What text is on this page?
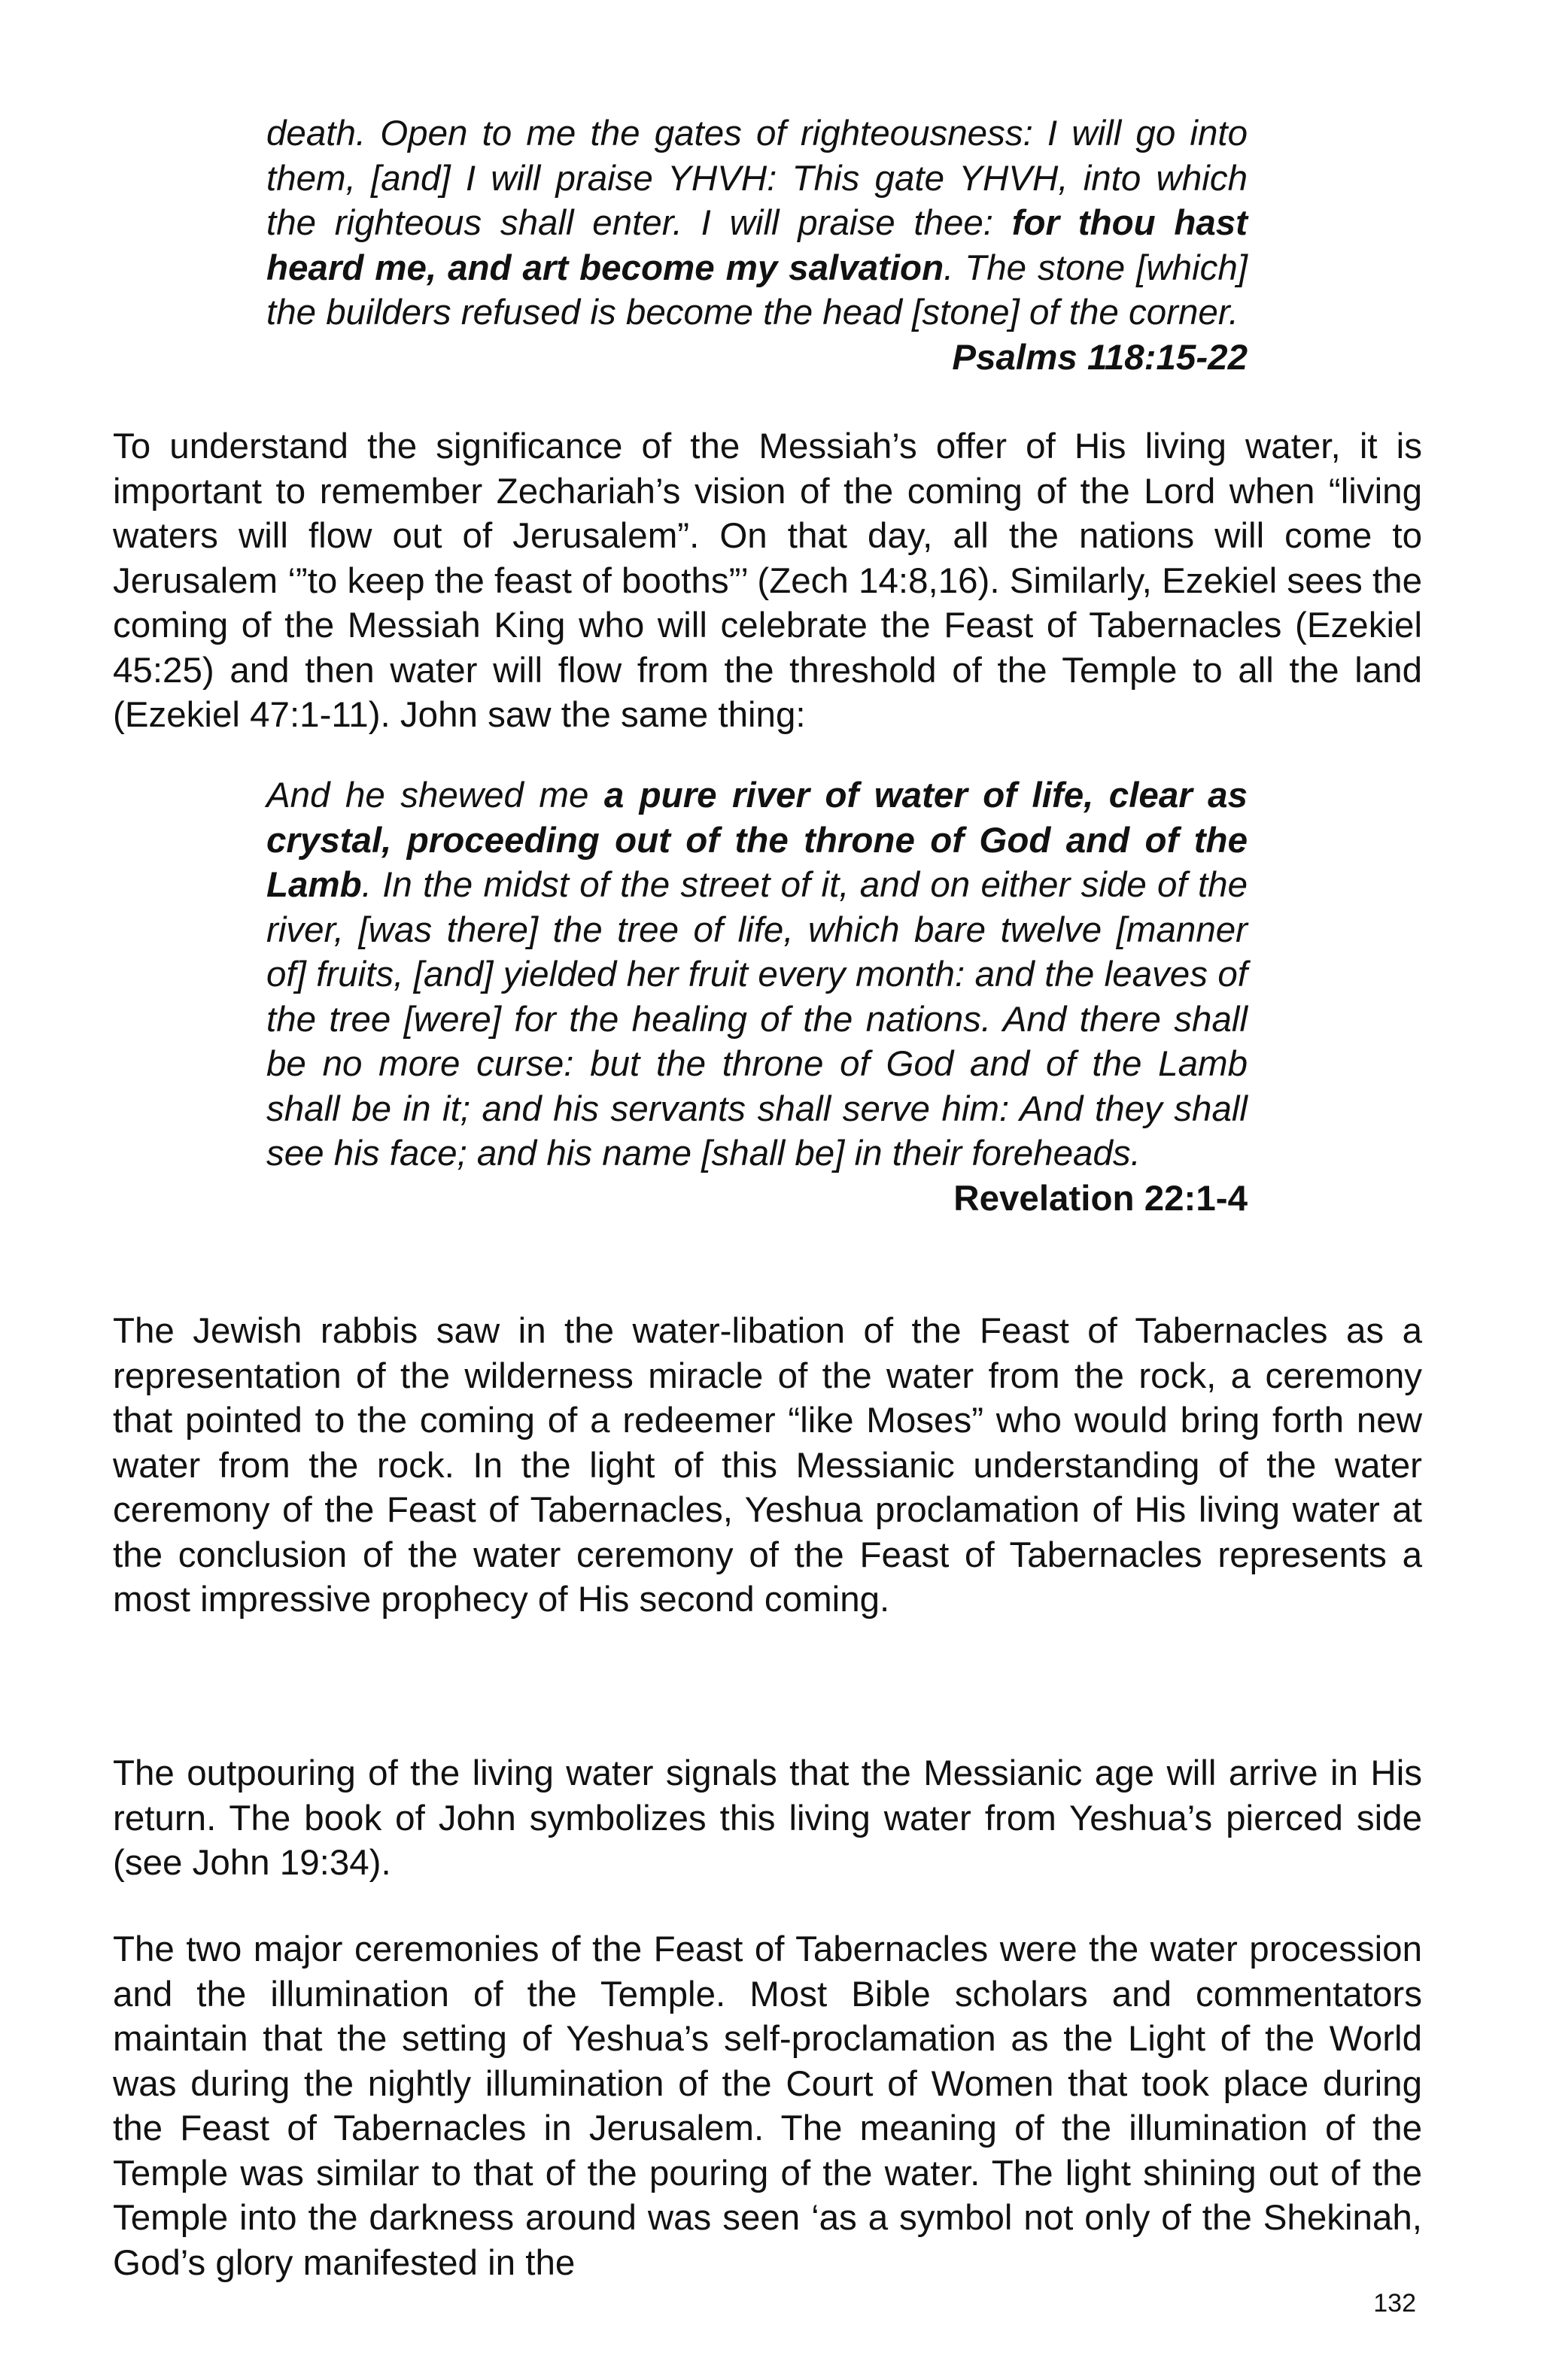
death. Open to me the gates of righteousness: I will go into them, [and] I will praise YHVH: This gate YHVH, into which the righteous shall enter. I will praise thee: for thou hast heard me, and art become my salvation. The stone [which] the builders refused is become the head [stone] of the corner.
Psalms 118:15-22

To understand the significance of the Messiah’s offer of His living water, it is important to remember Zechariah’s vision of the coming of the Lord when “living waters will flow out of Jerusalem”. On that day, all the nations will come to Jerusalem ‘”to keep the feast of booths”’ (Zech 14:8,16). Similarly, Ezekiel sees the coming of the Messiah King who will celebrate the Feast of Tabernacles (Ezekiel 45:25) and then water will flow from the threshold of the Temple to all the land (Ezekiel 47:1-11). John saw the same thing:

And he shewed me a pure river of water of life, clear as crystal, proceeding out of the throne of God and of the Lamb. In the midst of the street of it, and on either side of the river, [was there] the tree of life, which bare twelve [manner of] fruits, [and] yielded her fruit every month: and the leaves of the tree [were] for the healing of the nations. And there shall be no more curse: but the throne of God and of the Lamb shall be in it; and his servants shall serve him: And they shall see his face; and his name [shall be] in their foreheads.
Revelation 22:1-4

The Jewish rabbis saw in the water-libation of the Feast of Tabernacles as a representation of the wilderness miracle of the water from the rock, a ceremony that pointed to the coming of a redeemer “like Moses” who would bring forth new water from the rock. In the light of this Messianic understanding of the water ceremony of the Feast of Tabernacles, Yeshua proclamation of His living water at the conclusion of the water ceremony of the Feast of Tabernacles represents a most impressive prophecy of His second coming.

The outpouring of the living water signals that the Messianic age will arrive in His return. The book of John symbolizes this living water from Yeshua’s pierced side (see John 19:34).

The two major ceremonies of the Feast of Tabernacles were the water procession and the illumination of the Temple. Most Bible scholars and commentators maintain that the setting of Yeshua’s self-proclamation as the Light of the World was during the nightly illumination of the Court of Women that took place during the Feast of Tabernacles in Jerusalem. The meaning of the illumination of the Temple was similar to that of the pouring of the water. The light shining out of the Temple into the darkness around was seen ‘as a symbol not only of the Shekinah, God’s glory manifested in the

132
